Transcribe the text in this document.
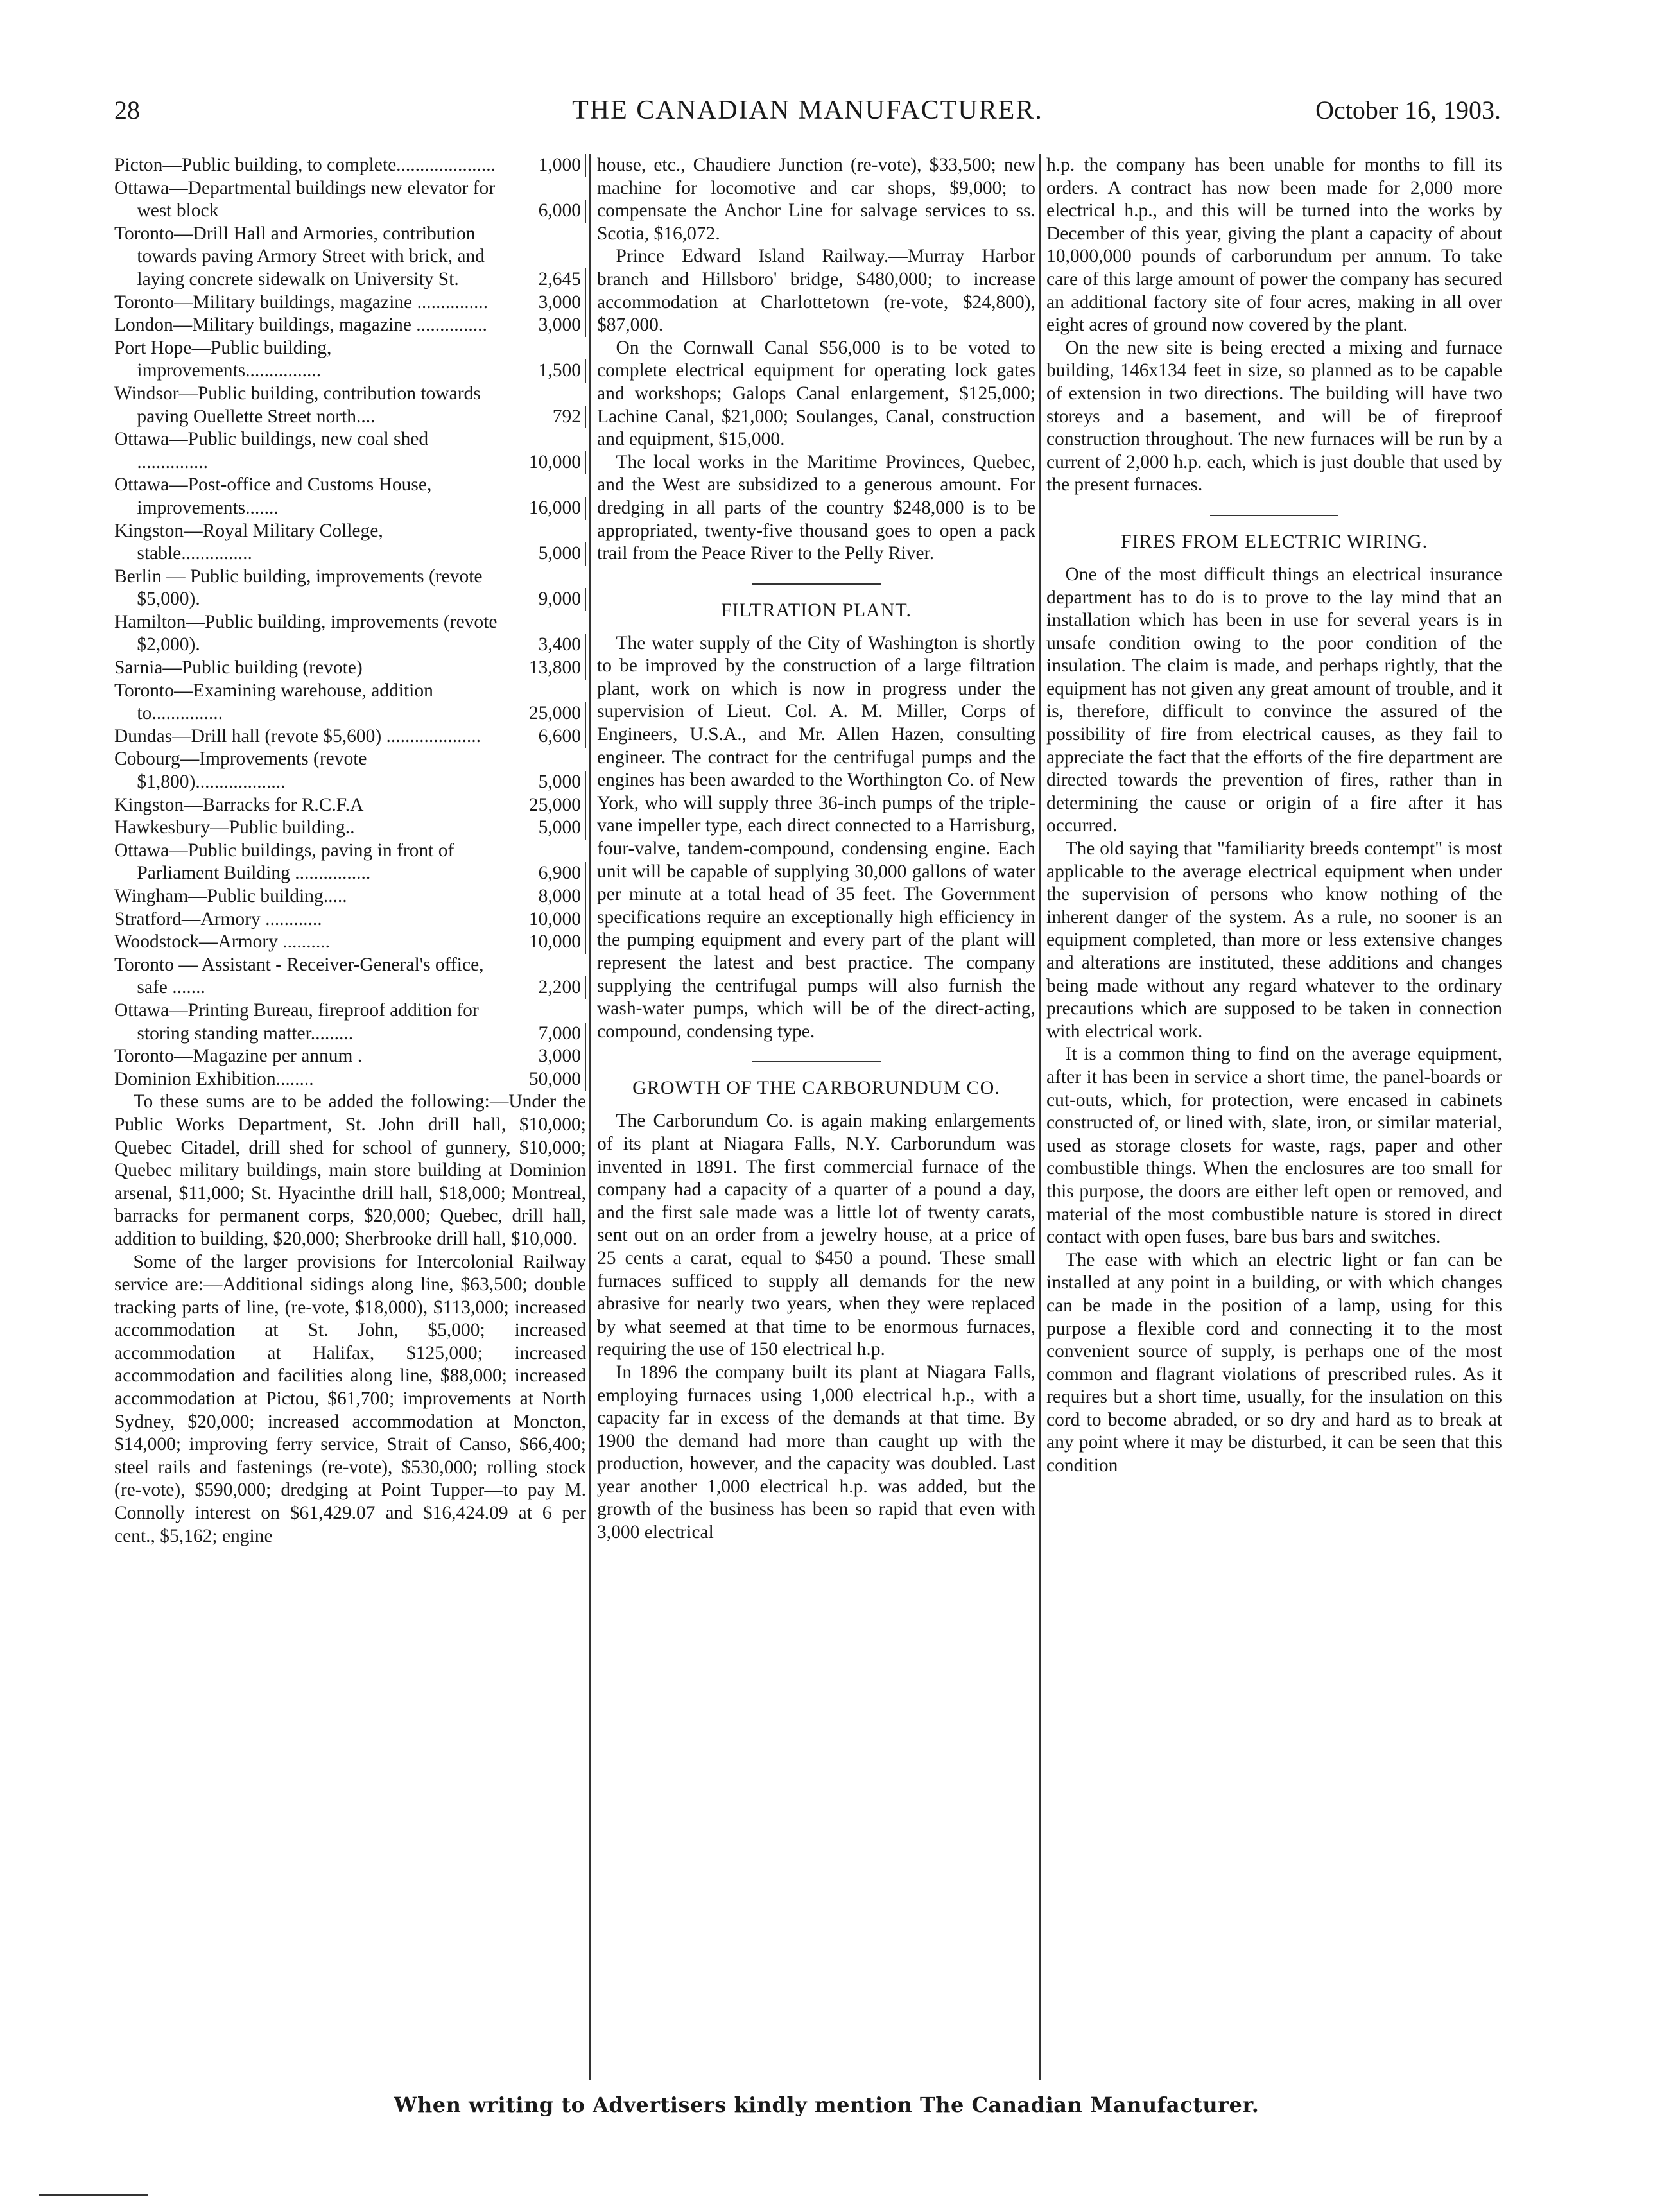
28	THE CANADIAN MANUFACTURER.	October 16, 1903.
Picton—Public building, to complete.....................	1,000
Ottawa—Departmental buildings new elevator for west block	6,000
Toronto—Drill Hall and Armories, contribution towards paving Armory Street with brick, and laying concrete sidewalk on University St.	2,645
Toronto—Military buildings, magazine ...............	3,000
London—Military buildings, magazine ...............	3,000
Port Hope—Public building, improvements................	1,500
Windsor—Public building, contribution towards paving Ouellette Street north....	792
Ottawa—Public buildings, new coal shed ...............	10,000
Ottawa—Post-office and Customs House, improvements.......	16,000
Kingston—Royal Military College, stable...............	5,000
Berlin — Public building, improvements (revote $5,000).	9,000
Hamilton—Public building, improvements (revote $2,000).	3,400
Sarnia—Public building (revote)	13,800
Toronto—Examining warehouse, addition to...............	25,000
Dundas—Drill hall (revote $5,600) ....................	6,600
Cobourg—Improvements (revote $1,800)...................	5,000
Kingston—Barracks for R.C.F.A	25,000
Hawkesbury—Public building..	5,000
Ottawa—Public buildings, paving in front of Parliament Building ................	6,900
Wingham—Public building.....	8,000
Stratford—Armory ............	10,000
Woodstock—Armory ..........	10,000
Toronto — Assistant - Receiver-General's office, safe .......	2,200
Ottawa—Printing Bureau, fireproof addition for storing standing matter.........	7,000
Toronto—Magazine per annum .	3,000
Dominion Exhibition........	50,000

To these sums are to be added the following:—Under the Public Works Department, St. John drill hall, $10,000; Quebec Citadel, drill shed for school of gunnery, $10,000; Quebec military buildings, main store building at Dominion arsenal, $11,000; St. Hyacinthe drill hall, $18,000; Montreal, barracks for permanent corps, $20,000; Quebec, drill hall, addition to building, $20,000; Sherbrooke drill hall, $10,000.

Some of the larger provisions for Intercolonial Railway service are:—Additional sidings along line, $63,500; double tracking parts of line, (re-vote, $18,000), $113,000; increased accommodation at St. John, $5,000; increased accommodation at Halifax, $125,000; increased accommodation and facilities along line, $88,000; increased accommodation at Pictou, $61,700; improvements at North Sydney, $20,000; increased accommodation at Moncton, $14,000; improving ferry service, Strait of Canso, $66,400; steel rails and fastenings (re-vote), $530,000; rolling stock (re-vote), $590,000; dredging at Point Tupper—to pay M. Connolly interest on $61,429.07 and $16,424.09 at 6 per cent., $5,162; engine

house, etc., Chaudiere Junction (re-vote), $33,500; new machine for locomotive and car shops, $9,000; to compensate the Anchor Line for salvage services to ss. Scotia, $16,072.

Prince Edward Island Railway.—Murray Harbor branch and Hillsboro' bridge, $480,000; to increase accommodation at Charlottetown (re-vote, $24,800), $87,000.

On the Cornwall Canal $56,000 is to be voted to complete electrical equipment for operating lock gates and workshops; Galops Canal enlargement, $125,000; Lachine Canal, $21,000; Soulanges, Canal, construction and equipment, $15,000.

The local works in the Maritime Provinces, Quebec, and the West are subsidized to a generous amount. For dredging in all parts of the country $248,000 is to be appropriated, twenty-five thousand goes to open a pack trail from the Peace River to the Pelly River.

FILTRATION PLANT.

The water supply of the City of Washington is shortly to be improved by the construction of a large filtration plant, work on which is now in progress under the supervision of Lieut. Col. A. M. Miller, Corps of Engineers, U.S.A., and Mr. Allen Hazen, consulting engineer. The contract for the centrifugal pumps and the engines has been awarded to the Worthington Co. of New York, who will supply three 36-inch pumps of the triple-vane impeller type, each direct connected to a Harrisburg, four-valve, tandem-compound, condensing engine. Each unit will be capable of supplying 30,000 gallons of water per minute at a total head of 35 feet. The Government specifications require an exceptionally high efficiency in the pumping equipment and every part of the plant will represent the latest and best practice. The company supplying the centrifugal pumps will also furnish the wash-water pumps, which will be of the direct-acting, compound, condensing type.

GROWTH OF THE CARBORUNDUM CO.

The Carborundum Co. is again making enlargements of its plant at Niagara Falls, N.Y. Carborundum was invented in 1891. The first commercial furnace of the company had a capacity of a quarter of a pound a day, and the first sale made was a little lot of twenty carats, sent out on an order from a jewelry house, at a price of 25 cents a carat, equal to $450 a pound. These small furnaces sufficed to supply all demands for the new abrasive for nearly two years, when they were replaced by what seemed at that time to be enormous furnaces, requiring the use of 150 electrical h.p.

In 1896 the company built its plant at Niagara Falls, employing furnaces using 1,000 electrical h.p., with a capacity far in excess of the demands at that time. By 1900 the demand had more than caught up with the production, however, and the capacity was doubled. Last year another 1,000 electrical h.p. was added, but the growth of the business has been so rapid that even with 3,000 electrical

h.p. the company has been unable for months to fill its orders. A contract has now been made for 2,000 more electrical h.p., and this will be turned into the works by December of this year, giving the plant a capacity of about 10,000,000 pounds of carborundum per annum. To take care of this large amount of power the company has secured an additional factory site of four acres, making in all over eight acres of ground now covered by the plant.

On the new site is being erected a mixing and furnace building, 146x134 feet in size, so planned as to be capable of extension in two directions. The building will have two storeys and a basement, and will be of fireproof construction throughout. The new furnaces will be run by a current of 2,000 h.p. each, which is just double that used by the present furnaces.

FIRES FROM ELECTRIC WIRING.

One of the most difficult things an electrical insurance department has to do is to prove to the lay mind that an installation which has been in use for several years is in unsafe condition owing to the poor condition of the insulation. The claim is made, and perhaps rightly, that the equipment has not given any great amount of trouble, and it is, therefore, difficult to convince the assured of the possibility of fire from electrical causes, as they fail to appreciate the fact that the efforts of the fire department are directed towards the prevention of fires, rather than in determining the cause or origin of a fire after it has occurred.

The old saying that "familiarity breeds contempt" is most applicable to the average electrical equipment when under the supervision of persons who know nothing of the inherent danger of the system. As a rule, no sooner is an equipment completed, than more or less extensive changes and alterations are instituted, these additions and changes being made without any regard whatever to the ordinary precautions which are supposed to be taken in connection with electrical work.

It is a common thing to find on the average equipment, after it has been in service a short time, the panel-boards or cut-outs, which, for protection, were encased in cabinets constructed of, or lined with, slate, iron, or similar material, used as storage closets for waste, rags, paper and other combustible things. When the enclosures are too small for this purpose, the doors are either left open or removed, and material of the most combustible nature is stored in direct contact with open fuses, bare bus bars and switches.

The ease with which an electric light or fan can be installed at any point in a building, or with which changes can be made in the position of a lamp, using for this purpose a flexible cord and connecting it to the most convenient source of supply, is perhaps one of the most common and flagrant violations of prescribed rules. As it requires but a short time, usually, for the insulation on this cord to become abraded, or so dry and hard as to break at any point where it may be disturbed, it can be seen that this condition

When writing to Advertisers kindly mention The Canadian Manufacturer.
